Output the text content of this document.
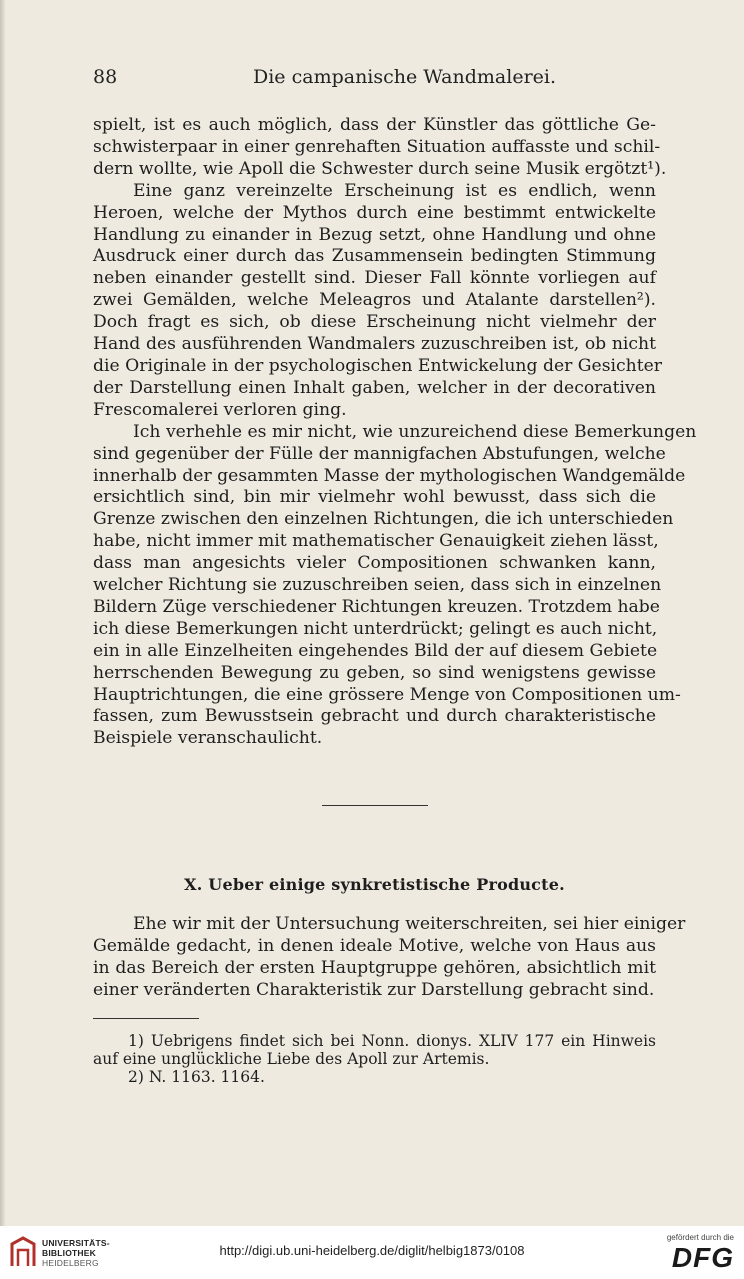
88	Die campanische Wandmalerei.

spielt, ist es auch möglich, dass der Künstler das göttliche Ge-
schwisterpaar in einer genrehaften Situation auffasste und schil-
dern wollte, wie Apoll die Schwester durch seine Musik ergötzt¹).

Eine ganz vereinzelte Erscheinung ist es endlich, wenn
Heroen, welche der Mythos durch eine bestimmt entwickelte
Handlung zu einander in Bezug setzt, ohne Handlung und ohne
Ausdruck einer durch das Zusammensein bedingten Stimmung
neben einander gestellt sind. Dieser Fall könnte vorliegen auf
zwei Gemälden, welche Meleagros und Atalante darstellen²).
Doch fragt es sich, ob diese Erscheinung nicht vielmehr der
Hand des ausführenden Wandmalers zuzuschreiben ist, ob nicht
die Originale in der psychologischen Entwickelung der Gesichter
der Darstellung einen Inhalt gaben, welcher in der decorativen
Frescomalerei verloren ging.

Ich verhehle es mir nicht, wie unzureichend diese Bemerkungen
sind gegenüber der Fülle der mannigfachen Abstufungen, welche
innerhalb der gesammten Masse der mythologischen Wandgemälde
ersichtlich sind, bin mir vielmehr wohl bewusst, dass sich die
Grenze zwischen den einzelnen Richtungen, die ich unterschieden
habe, nicht immer mit mathematischer Genauigkeit ziehen lässt,
dass man angesichts vieler Compositionen schwanken kann,
welcher Richtung sie zuzuschreiben seien, dass sich in einzelnen
Bildern Züge verschiedener Richtungen kreuzen. Trotzdem habe
ich diese Bemerkungen nicht unterdrückt; gelingt es auch nicht,
ein in alle Einzelheiten eingehendes Bild der auf diesem Gebiete
herrschenden Bewegung zu geben, so sind wenigstens gewisse
Hauptrichtungen, die eine grössere Menge von Compositionen um-
fassen, zum Bewusstsein gebracht und durch charakteristische
Beispiele veranschaulicht.

X. Ueber einige synkretistische Producte.

Ehe wir mit der Untersuchung weiterschreiten, sei hier einiger
Gemälde gedacht, in denen ideale Motive, welche von Haus aus
in das Bereich der ersten Hauptgruppe gehören, absichtlich mit
einer veränderten Charakteristik zur Darstellung gebracht sind.

1) Uebrigens findet sich bei Nonn. dionys. XLIV 177 ein Hinweis
auf eine unglückliche Liebe des Apoll zur Artemis.
2) N. 1163. 1164.
UNIVERSITÄTS-
BIBLIOTHEK
HEIDELBERG
http://digi.ub.uni-heidelberg.de/diglit/helbig1873/0108
gefördert durch die
DFG
